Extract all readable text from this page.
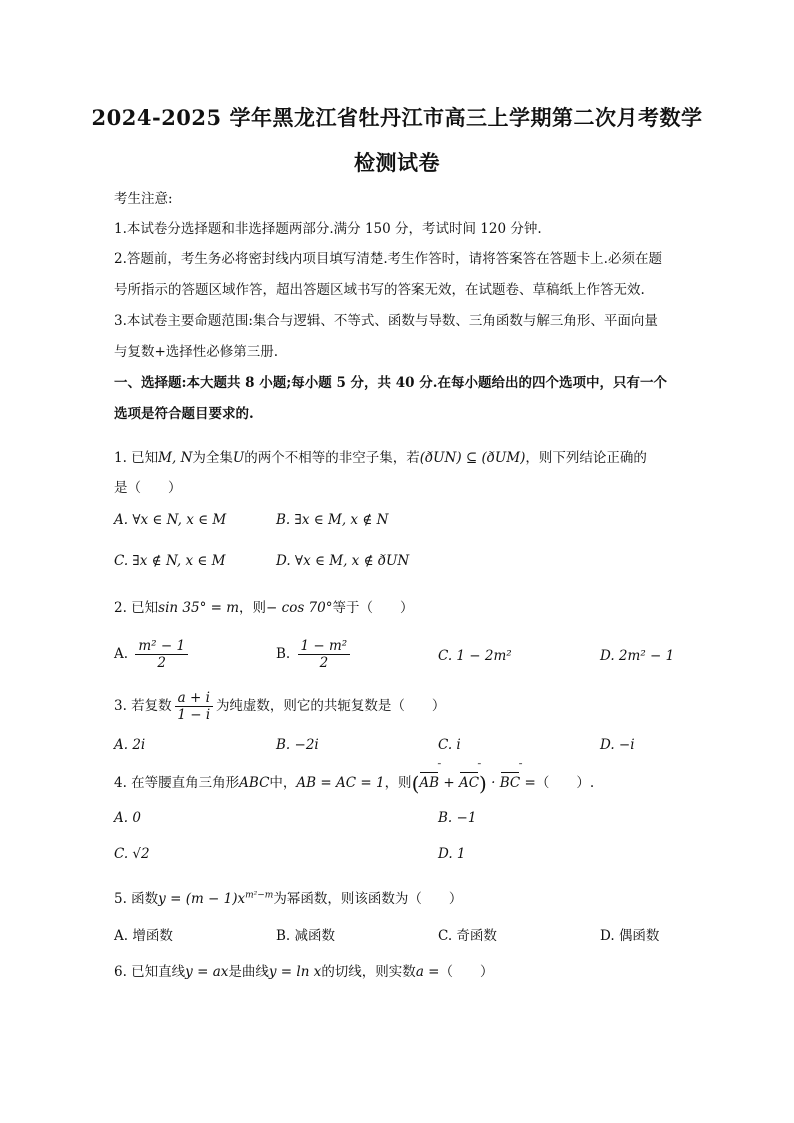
2024-2025 学年黑龙江省牡丹江市高三上学期第二次月考数学
检测试卷
考生注意:
1.本试卷分选择题和非选择题两部分.满分 150 分，考试时间 120 分钟.
2.答题前，考生务必将密封线内项目填写清楚.考生作答时，请将答案答在答题卡上.必须在题
号所指示的答题区域作答，超出答题区域书写的答案无效，在试题卷、草稿纸上作答无效.
3.本试卷主要命题范围:集合与逻辑、不等式、函数与导数、三角函数与解三角形、平面向量
与复数+选择性必修第三册.
一、选择题:本大题共 8 小题;每小题 5 分，共 40 分.在每小题给出的四个选项中，只有一个
选项是符合题目要求的.
1. 已知M, N为全集U的两个不相等的非空子集，若(ðUN) ⊆ (ðUM)，则下列结论正确的
是（　　）
A. ∀x ∈ N, x ∈ M	B. ∃x ∈ M, x ∉ N
C. ∃x ∉ N, x ∈ M	D. ∀x ∈ M, x ∉ ðUN
2. 已知sin 35° = m，则− cos 70°等于（　　）
A. $\frac{\text{m² − 1}}{2}$	B. $\frac{\text{1 − m²}}{2}$	C. 1 − 2m²	D. 2m² − 1
3. 若复数 $\frac{a + i}{1 - i}$ 为纯虚数，则它的共轭复数是（　　）
A. 2i	B. −2i	C. i	D. −i
4. 在等腰直角三角形ABC中，AB = AC = 1，则(AB ˉ + AC ˉ) · BC ˉ =（　　）.
A. 0	B. −1
C. √2	D. 1
5. 函数$y = (m - 1)x^{m^2-m}$为幂函数，则该函数为（　　）
A. 增函数	B. 减函数	C. 奇函数	D. 偶函数
6. 已知直线y = ax是曲线y = ln x的切线，则实数a =（　　）
